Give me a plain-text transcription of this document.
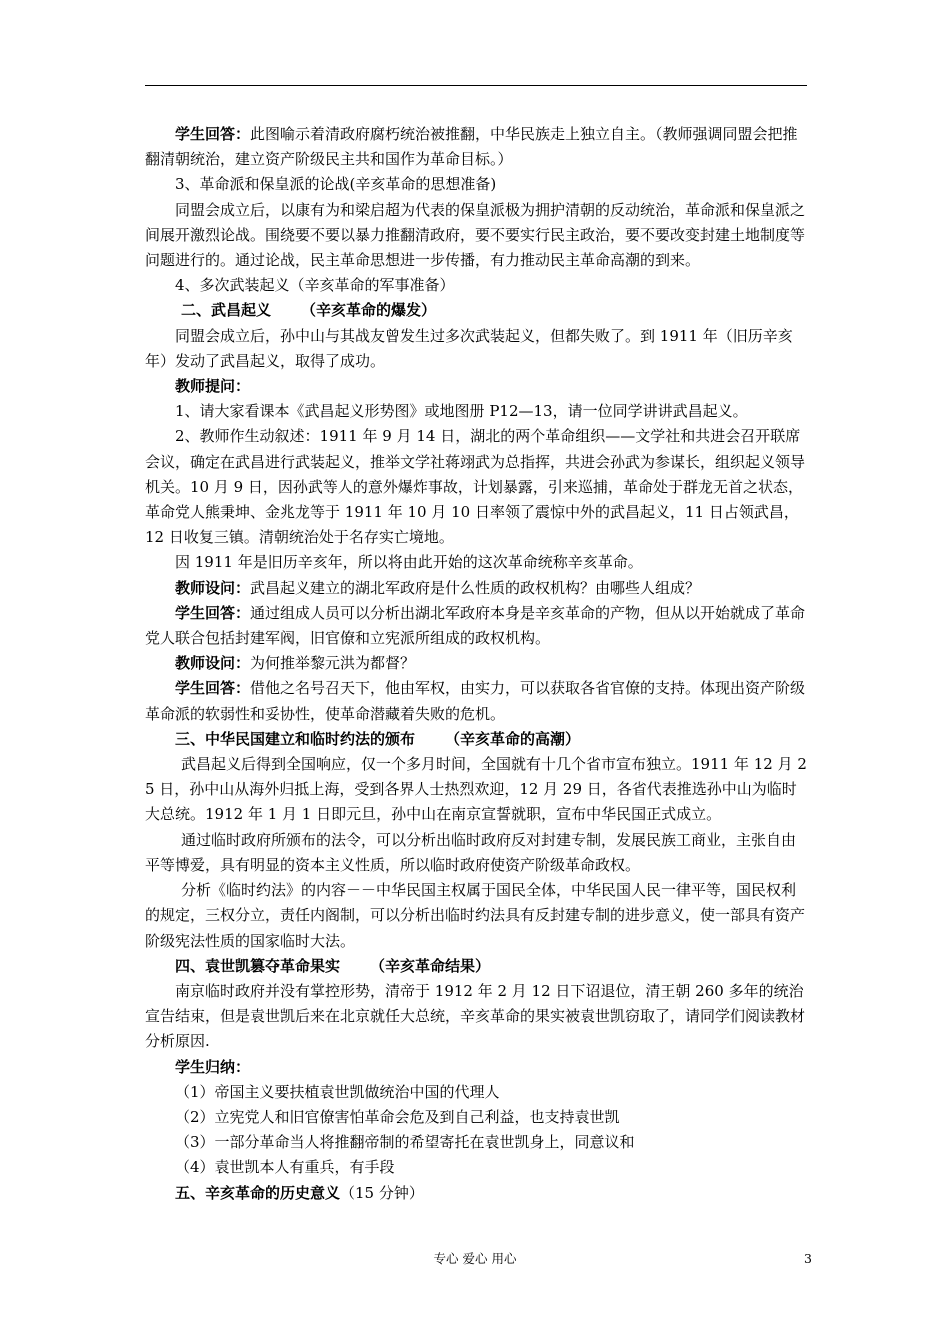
学生回答：此图喻示着清政府腐朽统治被推翻，中华民族走上独立自主。（教师强调同盟会把推翻清朝统治，建立资产阶级民主共和国作为革命目标。）

3、革命派和保皇派的论战(辛亥革命的思想准备)

同盟会成立后，以康有为和梁启超为代表的保皇派极为拥护清朝的反动统治，革命派和保皇派之间展开激烈论战。围绕要不要以暴力推翻清政府，要不要实行民主政治，要不要改变封建土地制度等问题进行的。通过论战，民主革命思想进一步传播，有力推动民主革命高潮的到来。

4、多次武装起义（辛亥革命的军事准备）

二、武昌起义 （辛亥革命的爆发）

同盟会成立后，孙中山与其战友曾发生过多次武装起义，但都失败了。到 1911 年（旧历辛亥年）发动了武昌起义，取得了成功。

教师提问：

1、请大家看课本《武昌起义形势图》或地图册 P12—13，请一位同学讲讲武昌起义。

2、教师作生动叙述：1911 年 9 月 14 日，湖北的两个革命组织——文学社和共进会召开联席会议，确定在武昌进行武装起义，推举文学社蒋翊武为总指挥，共进会孙武为参谋长，组织起义领导机关。10 月 9 日，因孙武等人的意外爆炸事故，计划暴露，引来巡捕，革命处于群龙无首之状态，革命党人熊秉坤、金兆龙等于 1911 年 10 月 10 日率领了震惊中外的武昌起义，11 日占领武昌，12 日收复三镇。清朝统治处于名存实亡境地。

因 1911 年是旧历辛亥年，所以将由此开始的这次革命统称辛亥革命。

教师设问：武昌起义建立的湖北军政府是什么性质的政权机构？由哪些人组成？

学生回答：通过组成人员可以分析出湖北军政府本身是辛亥革命的产物，但从以开始就成了革命党人联合包括封建军阀，旧官僚和立宪派所组成的政权机构。

教师设问：为何推举黎元洪为都督？

学生回答：借他之名号召天下，他由军权，由实力，可以获取各省官僚的支持。体现出资产阶级革命派的软弱性和妥协性，使革命潜藏着失败的危机。

三、中华民国建立和临时约法的颁布 （辛亥革命的高潮）

武昌起义后得到全国响应，仅一个多月时间，全国就有十几个省市宣布独立。1911 年 12 月 25 日，孙中山从海外归抵上海，受到各界人士热烈欢迎，12 月 29 日，各省代表推选孙中山为临时大总统。1912 年 1 月 1 日即元旦，孙中山在南京宣誓就职，宣布中华民国正式成立。

通过临时政府所颁布的法令，可以分析出临时政府反对封建专制，发展民族工商业，主张自由平等博爱，具有明显的资本主义性质，所以临时政府使资产阶级革命政权。

分析《临时约法》的内容－－中华民国主权属于国民全体，中华民国人民一律平等，国民权利的规定，三权分立，责任内阁制，可以分析出临时约法具有反封建专制的进步意义，使一部具有资产阶级宪法性质的国家临时大法。

四、袁世凯篡夺革命果实 （辛亥革命结果）

南京临时政府并没有掌控形势，清帝于 1912 年 2 月 12 日下诏退位，清王朝 260 多年的统治宣告结束，但是袁世凯后来在北京就任大总统，辛亥革命的果实被袁世凯窃取了，请同学们阅读教材分析原因.

学生归纳：

（1）帝国主义要扶植袁世凯做统治中国的代理人

（2）立宪党人和旧官僚害怕革命会危及到自己利益，也支持袁世凯

（3）一部分革命当人将推翻帝制的希望寄托在袁世凯身上，同意议和

（4）袁世凯本人有重兵，有手段

五、辛亥革命的历史意义（15 分钟）

专心 爱心 用心	3
